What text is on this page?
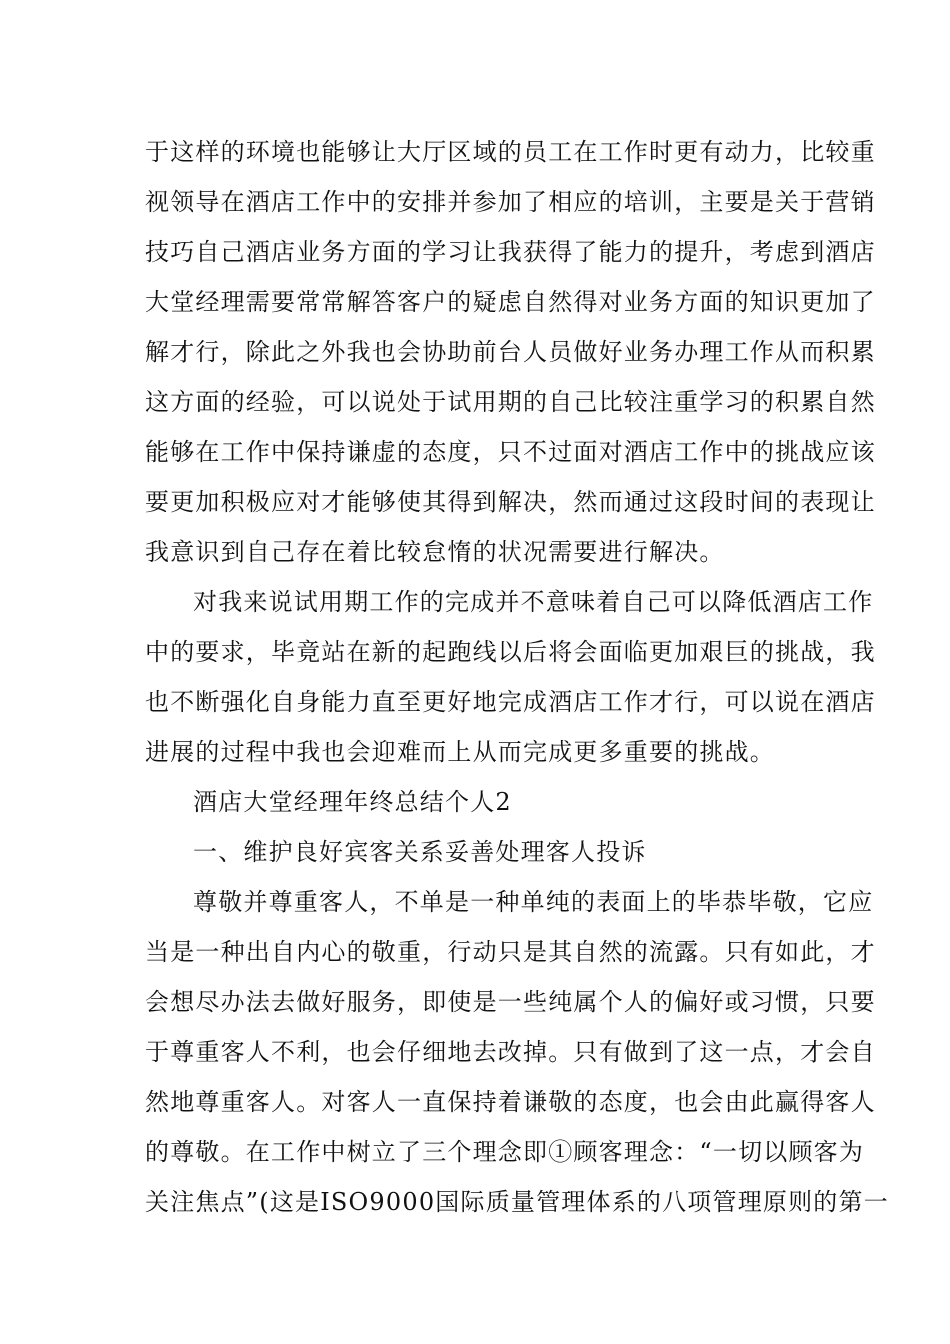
于这样的环境也能够让大厅区域的员工在工作时更有动力，比较重
视领导在酒店工作中的安排并参加了相应的培训，主要是关于营销
技巧自己酒店业务方面的学习让我获得了能力的提升，考虑到酒店
大堂经理需要常常解答客户的疑虑自然得对业务方面的知识更加了
解才行，除此之外我也会协助前台人员做好业务办理工作从而积累
这方面的经验，可以说处于试用期的自己比较注重学习的积累自然
能够在工作中保持谦虚的态度，只不过面对酒店工作中的挑战应该
要更加积极应对才能够使其得到解决，然而通过这段时间的表现让
我意识到自己存在着比较怠惰的状况需要进行解决。
对我来说试用期工作的完成并不意味着自己可以降低酒店工作
中的要求，毕竟站在新的起跑线以后将会面临更加艰巨的挑战，我
也不断强化自身能力直至更好地完成酒店工作才行，可以说在酒店
进展的过程中我也会迎难而上从而完成更多重要的挑战。
酒店大堂经理年终总结个人2
一、维护良好宾客关系妥善处理客人投诉
尊敬并尊重客人，不单是一种单纯的表面上的毕恭毕敬，它应
当是一种出自内心的敬重，行动只是其自然的流露。只有如此，才
会想尽办法去做好服务，即使是一些纯属个人的偏好或习惯，只要
于尊重客人不利，也会仔细地去改掉。只有做到了这一点，才会自
然地尊重客人。对客人一直保持着谦敬的态度，也会由此赢得客人
的尊敬。在工作中树立了三个理念即①顾客理念：“一切以顾客为
关注焦点”(这是ISO9000国际质量管理体系的八项管理原则的第一
